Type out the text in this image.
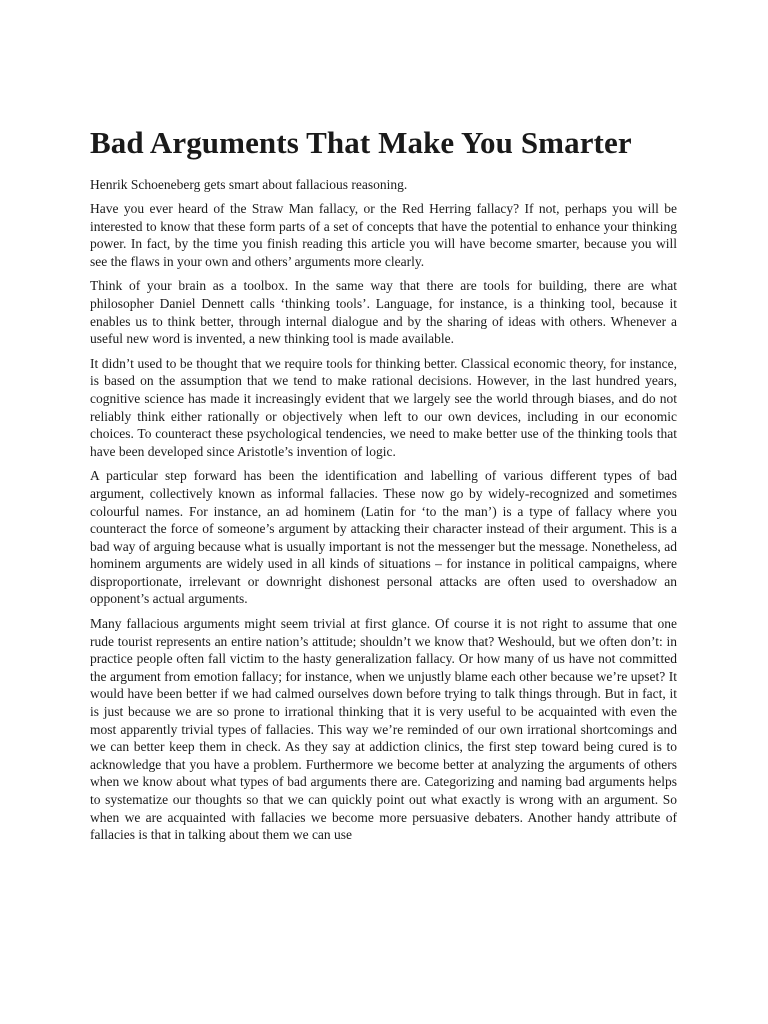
Bad Arguments That Make You Smarter

Henrik Schoeneberg gets smart about fallacious reasoning.

Have you ever heard of the Straw Man fallacy, or the Red Herring fallacy? If not, perhaps you will be interested to know that these form parts of a set of concepts that have the potential to enhance your thinking power. In fact, by the time you finish reading this article you will have become smarter, because you will see the flaws in your own and others’ arguments more clearly.

Think of your brain as a toolbox. In the same way that there are tools for building, there are what philosopher Daniel Dennett calls ‘thinking tools’. Language, for instance, is a thinking tool, because it enables us to think better, through internal dialogue and by the sharing of ideas with others. Whenever a useful new word is invented, a new thinking tool is made available.

It didn’t used to be thought that we require tools for thinking better. Classical economic theory, for instance, is based on the assumption that we tend to make rational decisions. However, in the last hundred years, cognitive science has made it increasingly evident that we largely see the world through biases, and do not reliably think either rationally or objectively when left to our own devices, including in our economic choices. To counteract these psychological tendencies, we need to make better use of the thinking tools that have been developed since Aristotle’s invention of logic.

A particular step forward has been the identification and labelling of various different types of bad argument, collectively known as informal fallacies. These now go by widely-recognized and sometimes colourful names. For instance, an ad hominem (Latin for ‘to the man’) is a type of fallacy where you counteract the force of someone’s argument by attacking their character instead of their argument. This is a bad way of arguing because what is usually important is not the messenger but the message. Nonetheless, ad hominem arguments are widely used in all kinds of situations – for instance in political campaigns, where disproportionate, irrelevant or downright dishonest personal attacks are often used to overshadow an opponent’s actual arguments.

Many fallacious arguments might seem trivial at first glance. Of course it is not right to assume that one rude tourist represents an entire nation’s attitude; shouldn’t we know that? Weshould, but we often don’t: in practice people often fall victim to the hasty generalization fallacy. Or how many of us have not committed the argument from emotion fallacy; for instance, when we unjustly blame each other because we’re upset? It would have been better if we had calmed ourselves down before trying to talk things through. But in fact, it is just because we are so prone to irrational thinking that it is very useful to be acquainted with even the most apparently trivial types of fallacies. This way we’re reminded of our own irrational shortcomings and we can better keep them in check. As they say at addiction clinics, the first step toward being cured is to acknowledge that you have a problem. Furthermore we become better at analyzing the arguments of others when we know about what types of bad arguments there are. Categorizing and naming bad arguments helps to systematize our thoughts so that we can quickly point out what exactly is wrong with an argument. So when we are acquainted with fallacies we become more persuasive debaters. Another handy attribute of fallacies is that in talking about them we can use
